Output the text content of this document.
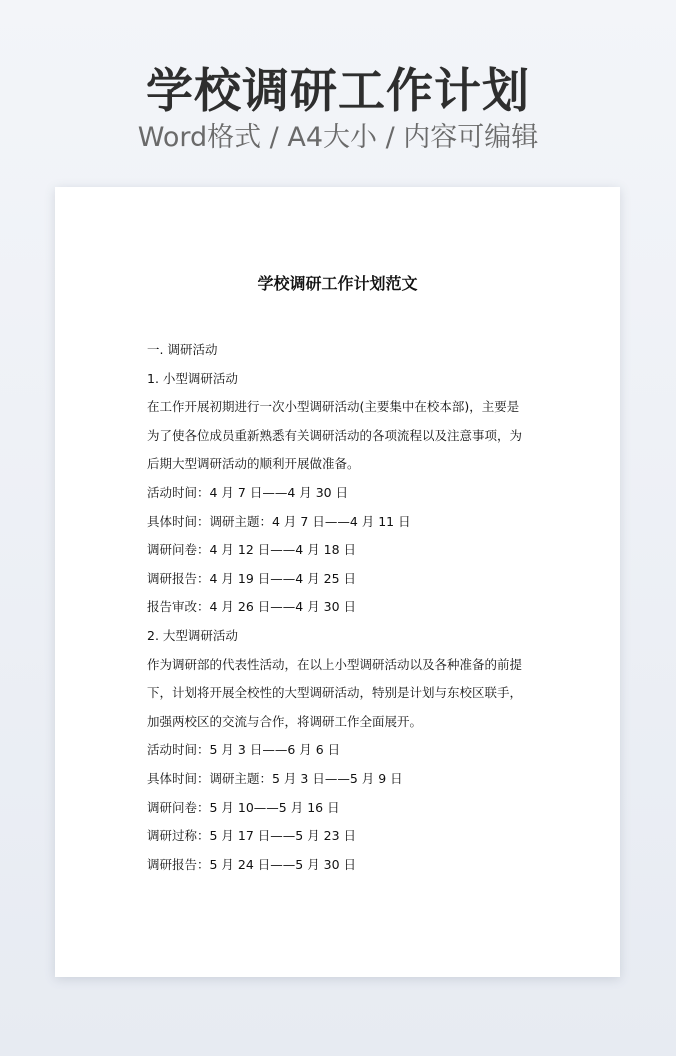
学校调研工作计划
Word格式 / A4大小 / 内容可编辑
学校调研工作计划范文

一. 调研活动

1. 小型调研活动

在工作开展初期进行一次小型调研活动(主要集中在校本部)，主要是

为了使各位成员重新熟悉有关调研活动的各项流程以及注意事项，为

后期大型调研活动的顺利开展做准备。

活动时间：4 月 7 日——4 月 30 日

具体时间：调研主题：4 月 7 日——4 月 11 日

调研问卷：4 月 12 日——4 月 18 日

调研报告：4 月 19 日——4 月 25 日

报告审改：4 月 26 日——4 月 30 日

2. 大型调研活动

作为调研部的代表性活动，在以上小型调研活动以及各种准备的前提

下，计划将开展全校性的大型调研活动，特别是计划与东校区联手，

加强两校区的交流与合作，将调研工作全面展开。

活动时间：5 月 3 日——6 月 6 日

具体时间：调研主题：5 月 3 日——5 月 9 日

调研问卷：5 月 10——5 月 16 日

调研过称：5 月 17 日——5 月 23 日

调研报告：5 月 24 日——5 月 30 日
